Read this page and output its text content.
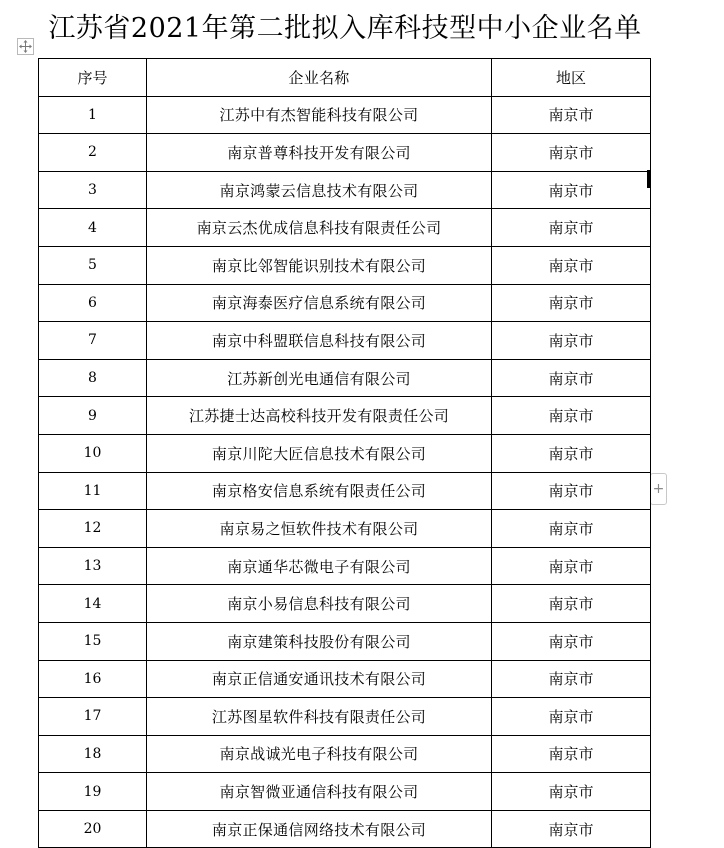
江苏省2021年第二批拟入库科技型中小企业名单
+
序号	企业名称	地区
1	江苏中有杰智能科技有限公司	南京市
2	南京普尊科技开发有限公司	南京市
3	南京鸿蒙云信息技术有限公司	南京市
4	南京云杰优成信息科技有限责任公司	南京市
5	南京比邻智能识别技术有限公司	南京市
6	南京海泰医疗信息系统有限公司	南京市
7	南京中科盟联信息科技有限公司	南京市
8	江苏新创光电通信有限公司	南京市
9	江苏捷士达高校科技开发有限责任公司	南京市
10	南京川陀大匠信息技术有限公司	南京市
11	南京格安信息系统有限责任公司	南京市
12	南京易之恒软件技术有限公司	南京市
13	南京通华芯微电子有限公司	南京市
14	南京小易信息科技有限公司	南京市
15	南京建策科技股份有限公司	南京市
16	南京正信通安通讯技术有限公司	南京市
17	江苏图星软件科技有限责任公司	南京市
18	南京战诚光电子科技有限公司	南京市
19	南京智微亚通信科技有限公司	南京市
20	南京正保通信网络技术有限公司	南京市
